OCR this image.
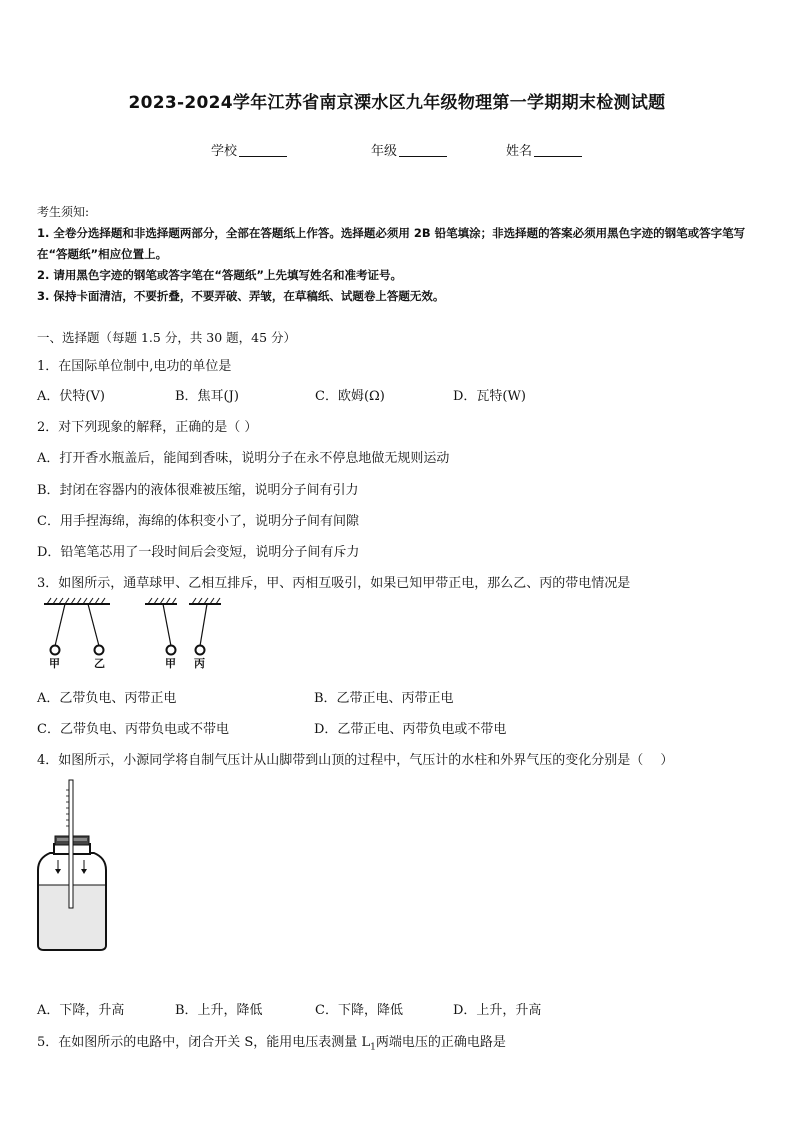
2023-2024学年江苏省南京溧水区九年级物理第一学期期末检测试题
学校	年级	姓名
考生须知:
1. 全卷分选择题和非选择题两部分，全部在答题纸上作答。选择题必须用 2B 铅笔填涂；非选择题的答案必须用黑色字迹的钢笔或答字笔写在“答题纸”相应位置上。
2. 请用黑色字迹的钢笔或答字笔在“答题纸”上先填写姓名和准考证号。
3. 保持卡面清洁，不要折叠，不要弄破、弄皱，在草稿纸、试题卷上答题无效。
一、选择题（每题 1.5 分，共 30 题，45 分）
1．在国际单位制中,电功的单位是
A．伏特(V)	B．焦耳(J)	C．欧姆(Ω)	D．瓦特(W)
2．对下列现象的解释，正确的是（ ）
A．打开香水瓶盖后，能闻到香味，说明分子在永不停息地做无规则运动
B．封闭在容器内的液体很难被压缩，说明分子间有引力
C．用手捏海绵，海绵的体积变小了，说明分子间有间隙
D．铅笔笔芯用了一段时间后会变短，说明分子间有斥力
3．如图所示，通草球甲、乙相互排斥，甲、丙相互吸引，如果已知甲带正电，那么乙、丙的带电情况是
甲	乙	甲 丙
A．乙带负电、丙带正电	B．乙带正电、丙带正电
C．乙带负电、丙带负电或不带电	D．乙带正电、丙带负电或不带电
4．如图所示，小源同学将自制气压计从山脚带到山顶的过程中，气压计的水柱和外界气压的变化分别是（　 ）
A．下降，升高	B．上升，降低	C．下降，降低	D．上升，升高
5．在如图所示的电路中，闭合开关 S，能用电压表测量 $L_1$两端电压的正确电路是
